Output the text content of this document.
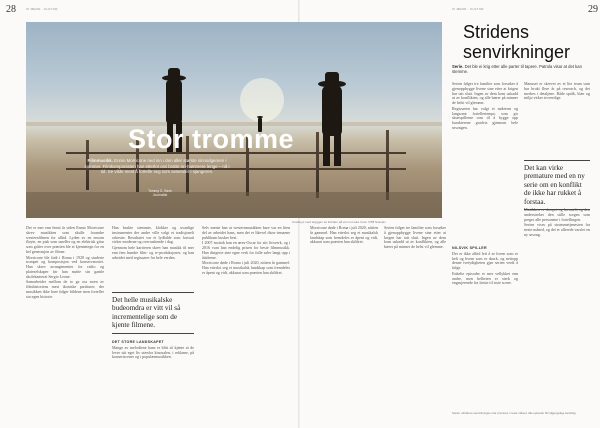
28	VI MENN · KULTUR

Det er mer enn femti år siden Ennio Morricone skrev musikken som skulle forandre westernfilmen for alltid. Lyden av en ensom fløyte, en pisk som smeller og en elektrisk gitar som gråter over prærien ble et kjennetegn for en hel generasjon av filmer.

Morricone ble født i Roma i 1928 og studerte trompet og komposisjon ved konservatoriet. Han skrev arrangementer for radio og plateselskaper før han møtte sin gamle skolekamerat Sergio Leone.

Samarbeidet mellom de to ga oss noen av filmhistoriens mest ikoniske partiturer, der musikken ikke bare følger bildene men forteller sin egen historie.

Han brukte stemmer, klokker og uvanlige instrumenter der andre ville valgt et tradisjonelt orkester. Resultatet var et lydbilde som fortsatt virker moderne og overraskende i dag.

Gjennom hele karrieren skrev han musikk til mer enn fem hundre film- og tv-produksjoner, og han arbeidet med regissører fra hele verden.

Det helle musikalske budeomdra er vitt vil så incrementelige som de kjente filmene.
DET STORE LANDSKAPET

Mange av melodiene hans er blitt så kjente at de lever sitt eget liv utenfor kinosalen, i reklame, på konsertscener og i populærmusikken.

Selv mente han at westernmusikken bare var en liten del av arbeidet hans, men det er likevel disse temaene publikum husker best.

I 2007 mottok han en æres-Oscar for sitt livsverk, og i 2016 vant han endelig prisen for beste filmmusikk. Han dirigerte sine egne verk for fulle saler langt opp i åttiårene.

Morricone døde i Roma i juli 2020, nittien år gammel. Han etterlot seg et musikalsk landskap som fremdeles er åpent og vidt, akkurat som prærien han skildret.

29
VI MENN · KULTUR

Morricone døde i Roma i juli 2020, nittien år gammel. Han etterlot seg et musikalsk landskap som fremdeles er åpent og vidt, akkurat som prærien han skildret.

Serien følger tre familier som forsøker å gjenoppbygge livene sine etter at krigen har tatt slutt. Ingen av dem kom uskadd ut av konflikten, og alle bærer på minner de helst vil glemme.

Stor tromme
Filmmusikk. Ennio Morricone ned inn i den aller største sinnsdgenren i sommer. Filmkomponisten han etterlot oss bratte nn-hammere lenge – nå i tid. Se vilde mest å fortelle seg som avsender i sjangeren.
Tommy S. Saxe
Journalist
Cowboys med skyggen av fortiden på vei mot sola. Foto: NTB Scanpix
Stridens senvirkninger
Serie. Det ble ei krig etter alle parter til tapere. Patrola visar at det kan stemme.

Serien følger tre familier som forsøker å gjenoppbygge livene sine etter at krigen har tatt slutt. Ingen av dem kom uskadd ut av konflikten, og alle bærer på minner de helst vil glemme.

Regissøren har valgt et nøkternt og langsomt fortellertempo som gir skuespillerne rom til å bygge opp karakterene gradvis gjennom hele sesongen.

Det kan virke premature med en ny serie om en konflikt de ikke har rukket å forstaa.

Manuset er skrevet av et lite team som har brukt flere år på research, og det merkes i detaljene. Både språk, klær og miljø virker troverdige.

NILSVIK SPILLER

Det er ikke alltid lett å se hvem som er helt og hvem som er skurk, og nettopp denne tvetydigheten gjør serien verdt å følge.

Enkelte episoder er mer vellykket enn andre, men helheten er sterk og engasjerende fra første til siste scene.

Musikken er dempet og lavmælt, og den understreker den stille sorgen som preger alle personene i fortellingen.

Serien vises på strømmetjenesten fra neste måned, og det er allerede varslet en ny sesong.

Serien «Stridens senvirkninger» har premiere i neste måned. Alle episoder blir tilgjengelige samtidig.
